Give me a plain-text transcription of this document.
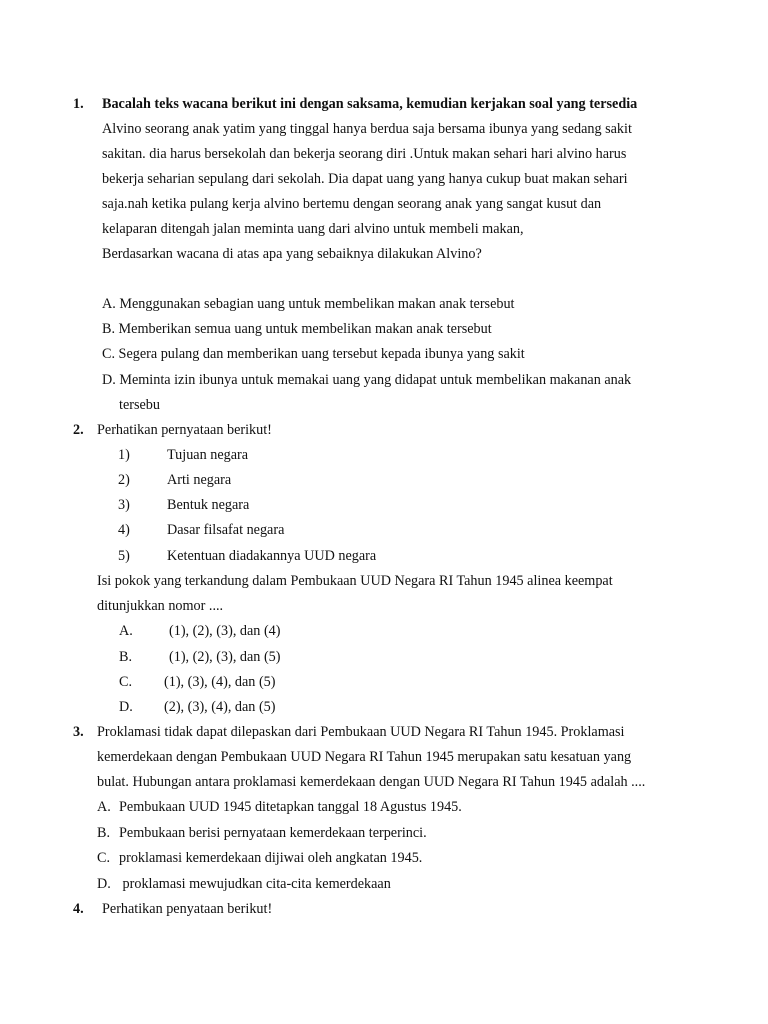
1. Bacalah teks wacana berikut ini dengan saksama, kemudian kerjakan soal yang tersedia
Alvino seorang anak yatim yang tinggal hanya berdua saja bersama ibunya yang sedang sakit
sakitan. dia harus bersekolah dan bekerja seorang diri .Untuk makan sehari hari alvino harus
bekerja seharian sepulang dari sekolah. Dia dapat uang yang hanya cukup buat makan sehari
saja.nah ketika pulang kerja alvino bertemu dengan seorang anak yang sangat kusut dan
kelaparan ditengah jalan meminta uang dari alvino untuk membeli makan,
Berdasarkan wacana di atas apa yang sebaiknya dilakukan Alvino?
A. Menggunakan sebagian uang untuk membelikan makan anak tersebut
B. Memberikan semua uang untuk membelikan makan anak tersebut
C. Segera pulang dan memberikan uang tersebut kepada ibunya yang sakit
D. Meminta izin ibunya untuk memakai uang yang didapat untuk membelikan makanan anak
tersebu
2. Perhatikan pernyataan berikut!
1)	Tujuan negara
2)	Arti negara
3)	Bentuk negara
4)	Dasar filsafat negara
5)	Ketentuan diadakannya UUD negara
Isi pokok yang terkandung dalam Pembukaan UUD Negara RI Tahun 1945 alinea keempat
ditunjukkan nomor ....
A.	(1), (2), (3), dan (4)
B.	(1), (2), (3), dan (5)
C. (1), (3), (4), dan (5)
D. (2), (3), (4), dan (5)
3. Proklamasi tidak dapat dilepaskan dari Pembukaan UUD Negara RI Tahun 1945. Proklamasi
kemerdekaan dengan Pembukaan UUD Negara RI Tahun 1945 merupakan satu kesatuan yang
bulat. Hubungan antara proklamasi kemerdekaan dengan UUD Negara RI Tahun 1945 adalah ....
A. Pembukaan UUD 1945 ditetapkan tanggal 18 Agustus 1945.
B. Pembukaan berisi pernyataan kemerdekaan terperinci.
C. proklamasi kemerdekaan dijiwai oleh angkatan 1945.
D. proklamasi mewujudkan cita-cita kemerdekaan
4. Perhatikan penyataan berikut!
